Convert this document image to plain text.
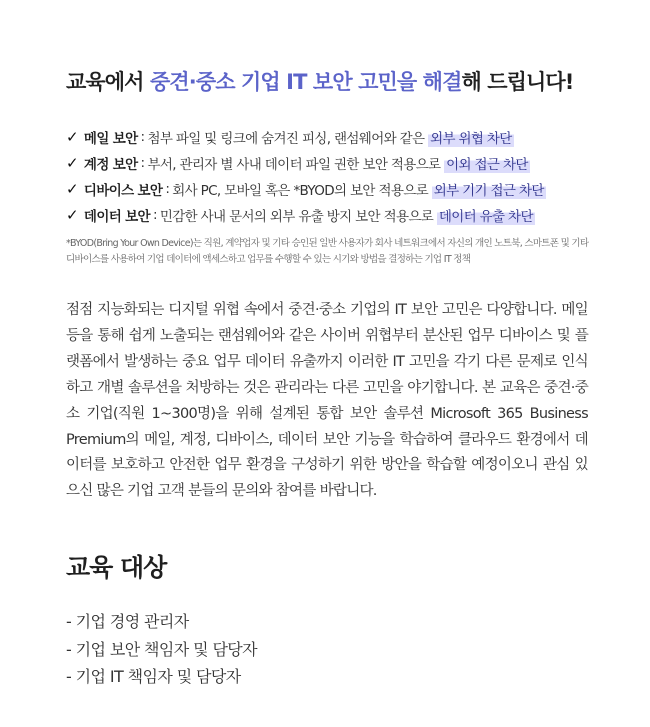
교육에서 중견·중소 기업 IT 보안 고민을 해결해 드립니다!
✓ 메일 보안 : 첨부 파일 및 링크에 숨겨진 피싱, 랜섬웨어와 같은
외부 위협 차단
✓ 계정 보안 : 부서, 관리자 별 사내 데이터 파일 권한 보안 적용으로
이외 접근 차단
✓ 디바이스 보안 : 회사 PC, 모바일 혹은 *BYOD의 보안 적용으로
외부 기기 접근 차단
✓ 데이터 보안 : 민감한 사내 문서의 외부 유출 방지 보안 적용으로
데이터 유출 차단
*BYOD(Bring Your Own Device)는 직원, 계약업자 및 기타 승인된 일반 사용자가 회사 네트워크에서 자신의 개인 노트북, 스마트폰 및 기타 디바이스를 사용하여 기업 데이터에 액세스하고 업무를 수행할 수 있는 시기와 방법을 결정하는 기업 IT 정책

점점 지능화되는 디지털 위협 속에서 중견·중소 기업의 IT 보안 고민은 다양합니다. 메일 등을 통해 쉽게 노출되는 랜섬웨어와 같은 사이버 위협부터 분산된 업무 디바이스 및 플랫폼에서 발생하는 중요 업무 데이터 유출까지 이러한 IT 고민을 각기 다른 문제로 인식하고 개별 솔루션을 처방하는 것은 관리라는 다른 고민을 야기합니다. 본 교육은 중견·중소 기업(직원 1~300명)을 위해 설계된 통합 보안 솔루션 Microsoft 365 Business Premium의 메일, 계정, 디바이스, 데이터 보안 기능을 학습하여 클라우드 환경에서 데이터를 보호하고 안전한 업무 환경을 구성하기 위한 방안을 학습할 예정이오니 관심 있으신 많은 기업 고객 분들의 문의와 참여를 바랍니다.

교육 대상
- 기업 경영 관리자
- 기업 보안 책임자 및 담당자
- 기업 IT 책임자 및 담당자
